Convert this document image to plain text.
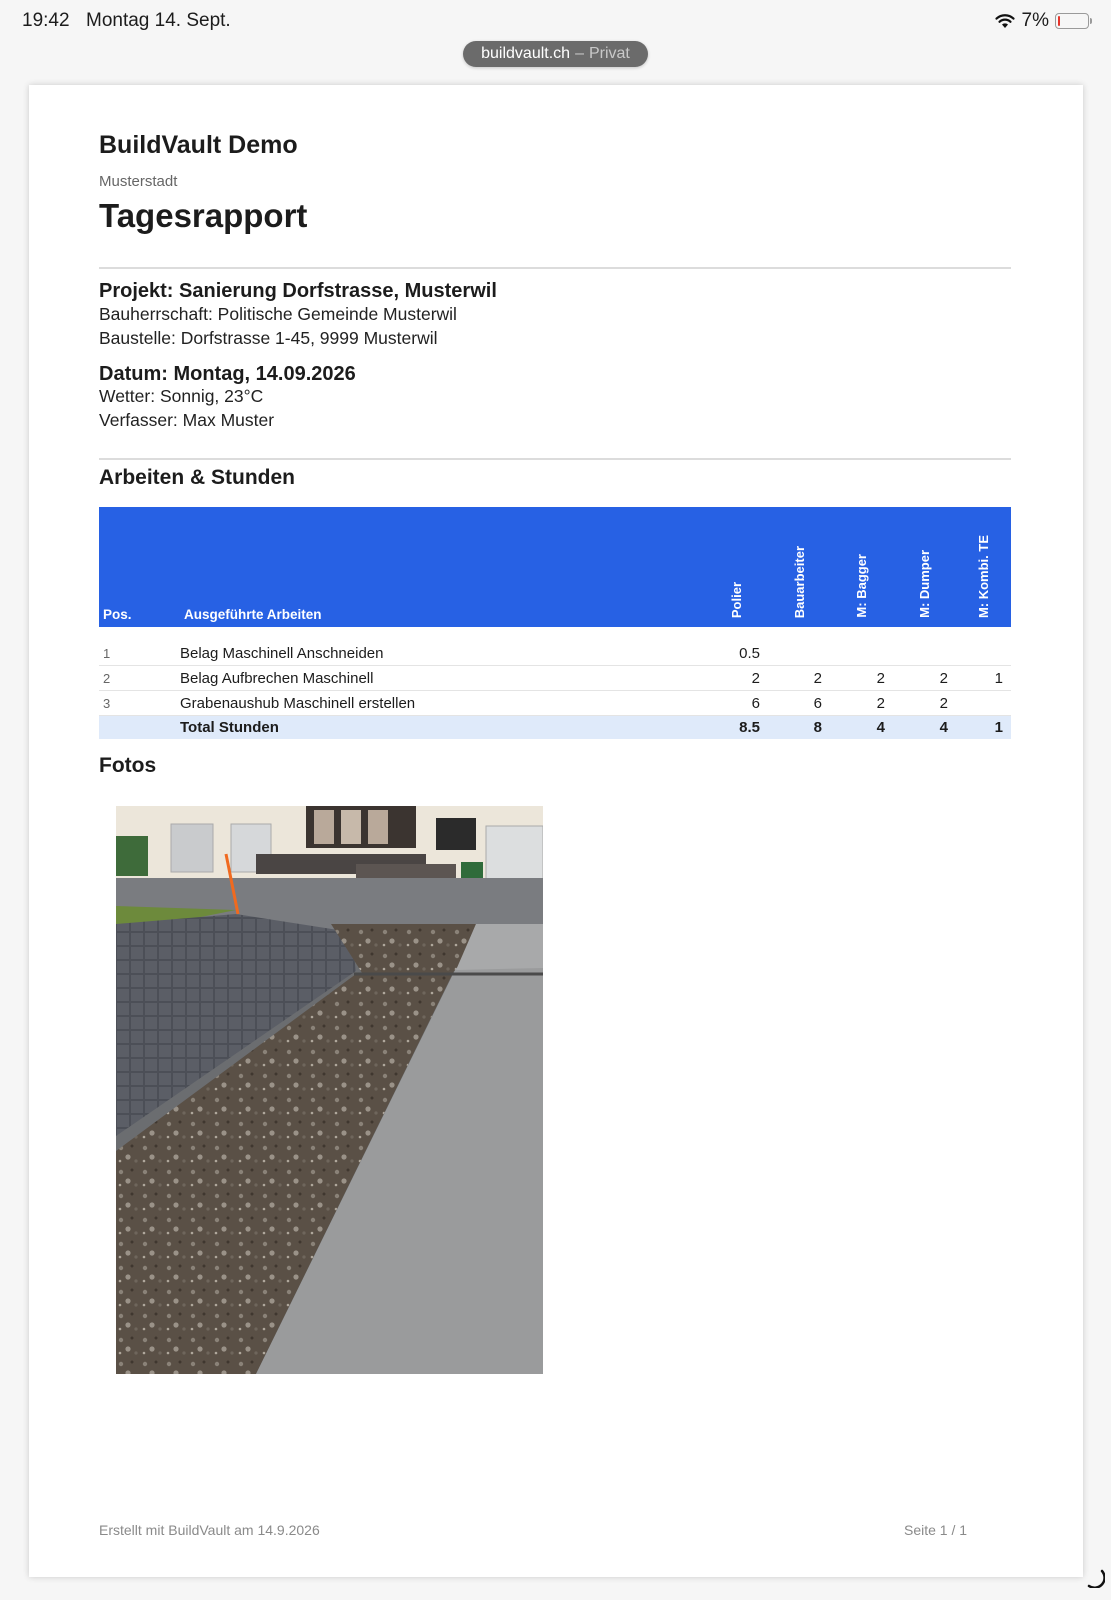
19:42 Montag 14. Sept.	7%
buildvault.ch – Privat
BuildVault Demo
Musterstadt
Tagesrapport
Projekt: Sanierung Dorfstrasse, Musterwil
Bauherrschaft: Politische Gemeinde Musterwil
Baustelle: Dorfstrasse 1-45, 9999 Musterwil
Datum: Montag, 14.09.2026
Wetter: Sonnig, 23°C
Verfasser: Max Muster
Arbeiten & Stunden
Pos.	Ausgeführte Arbeiten	Polier	Bauarbeiter	M: Bagger	M: Dumper	M: Kombi. TE

1	Belag Maschinell Anschneiden	0.5				
2	Belag Aufbrechen Maschinell	2	2	2	2	1
3	Grabenaushub Maschinell erstellen	6	6	2	2	
	Total Stunden	8.5	8	4	4	1
Fotos
Erstellt mit BuildVault am 14.9.2026	Seite 1 / 1
